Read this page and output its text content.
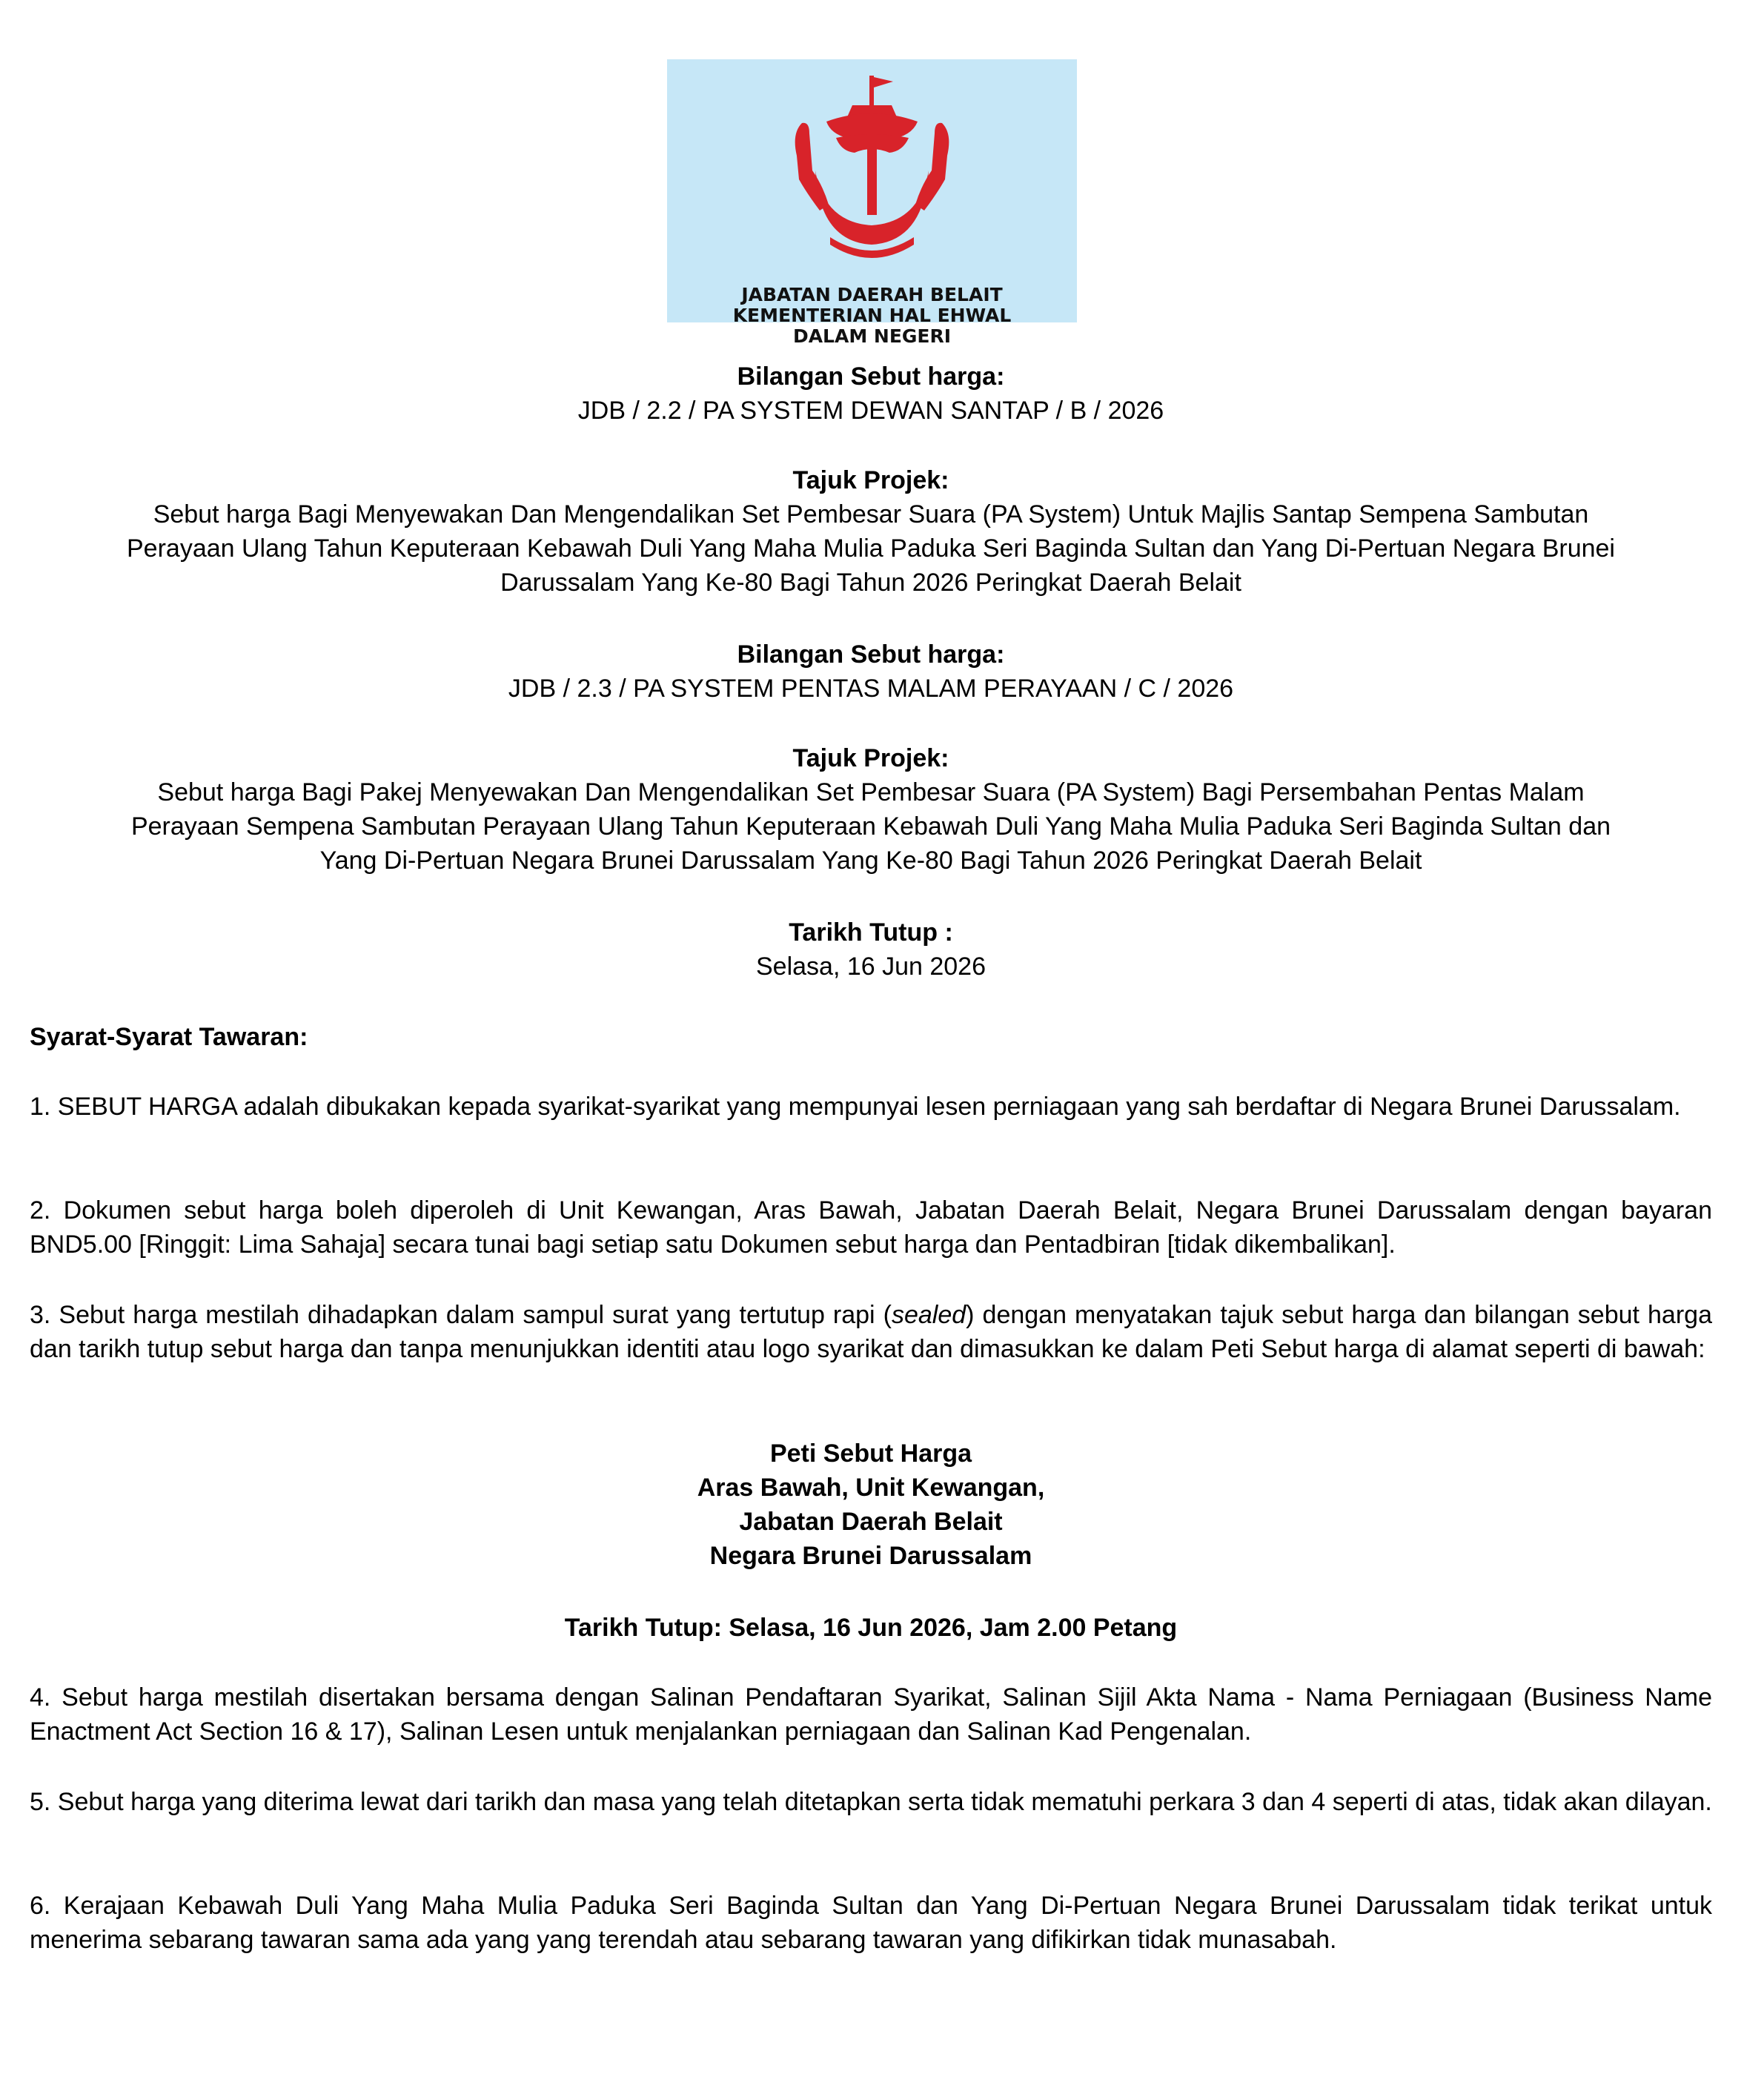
JABATAN DAERAH BELAIT
KEMENTERIAN HAL EHWAL
DALAM NEGERI
Bilangan Sebut harga:
JDB / 2.2 / PA SYSTEM DEWAN SANTAP / B / 2026
Tajuk Projek:
Sebut harga Bagi Menyewakan Dan Mengendalikan Set Pembesar Suara (PA System) Untuk Majlis Santap Sempena Sambutan
Perayaan Ulang Tahun Keputeraan Kebawah Duli Yang Maha Mulia Paduka Seri Baginda Sultan dan Yang Di-Pertuan Negara Brunei
Darussalam Yang Ke-80 Bagi Tahun 2026 Peringkat Daerah Belait
Bilangan Sebut harga:
JDB / 2.3 / PA SYSTEM PENTAS MALAM PERAYAAN / C / 2026
Tajuk Projek:
Sebut harga Bagi Pakej Menyewakan Dan Mengendalikan Set Pembesar Suara (PA System) Bagi Persembahan Pentas Malam
Perayaan Sempena Sambutan Perayaan Ulang Tahun Keputeraan Kebawah Duli Yang Maha Mulia Paduka Seri Baginda Sultan dan
Yang Di-Pertuan Negara Brunei Darussalam Yang Ke-80 Bagi Tahun 2026 Peringkat Daerah Belait
Tarikh Tutup :
Selasa, 16 Jun 2026
Syarat-Syarat Tawaran:
1. SEBUT HARGA adalah dibukakan kepada syarikat-syarikat yang mempunyai lesen perniagaan yang sah berdaftar di Negara Brunei Darussalam.
2. Dokumen sebut harga boleh diperoleh di Unit Kewangan, Aras Bawah, Jabatan Daerah Belait, Negara Brunei Darussalam dengan bayaran BND5.00 [Ringgit: Lima Sahaja] secara tunai bagi setiap satu Dokumen sebut harga dan Pentadbiran [tidak dikembalikan].
3. Sebut harga mestilah dihadapkan dalam sampul surat yang tertutup rapi (sealed) dengan menyatakan tajuk sebut harga dan bilangan sebut harga dan tarikh tutup sebut harga dan tanpa menunjukkan identiti atau logo syarikat dan dimasukkan ke dalam Peti Sebut harga di alamat seperti di bawah:
Peti Sebut Harga
Aras Bawah, Unit Kewangan,
Jabatan Daerah Belait
Negara Brunei Darussalam
Tarikh Tutup: Selasa, 16 Jun 2026, Jam 2.00 Petang
4. Sebut harga mestilah disertakan bersama dengan Salinan Pendaftaran Syarikat, Salinan Sijil Akta Nama - Nama Perniagaan (Business Name Enactment Act Section 16 & 17), Salinan Lesen untuk menjalankan perniagaan dan Salinan Kad Pengenalan.
5. Sebut harga yang diterima lewat dari tarikh dan masa yang telah ditetapkan serta tidak mematuhi perkara 3 dan 4 seperti di atas, tidak akan dilayan.
6. Kerajaan Kebawah Duli Yang Maha Mulia Paduka Seri Baginda Sultan dan Yang Di-Pertuan Negara Brunei Darussalam tidak terikat untuk menerima sebarang tawaran sama ada yang yang terendah atau sebarang tawaran yang difikirkan tidak munasabah.
